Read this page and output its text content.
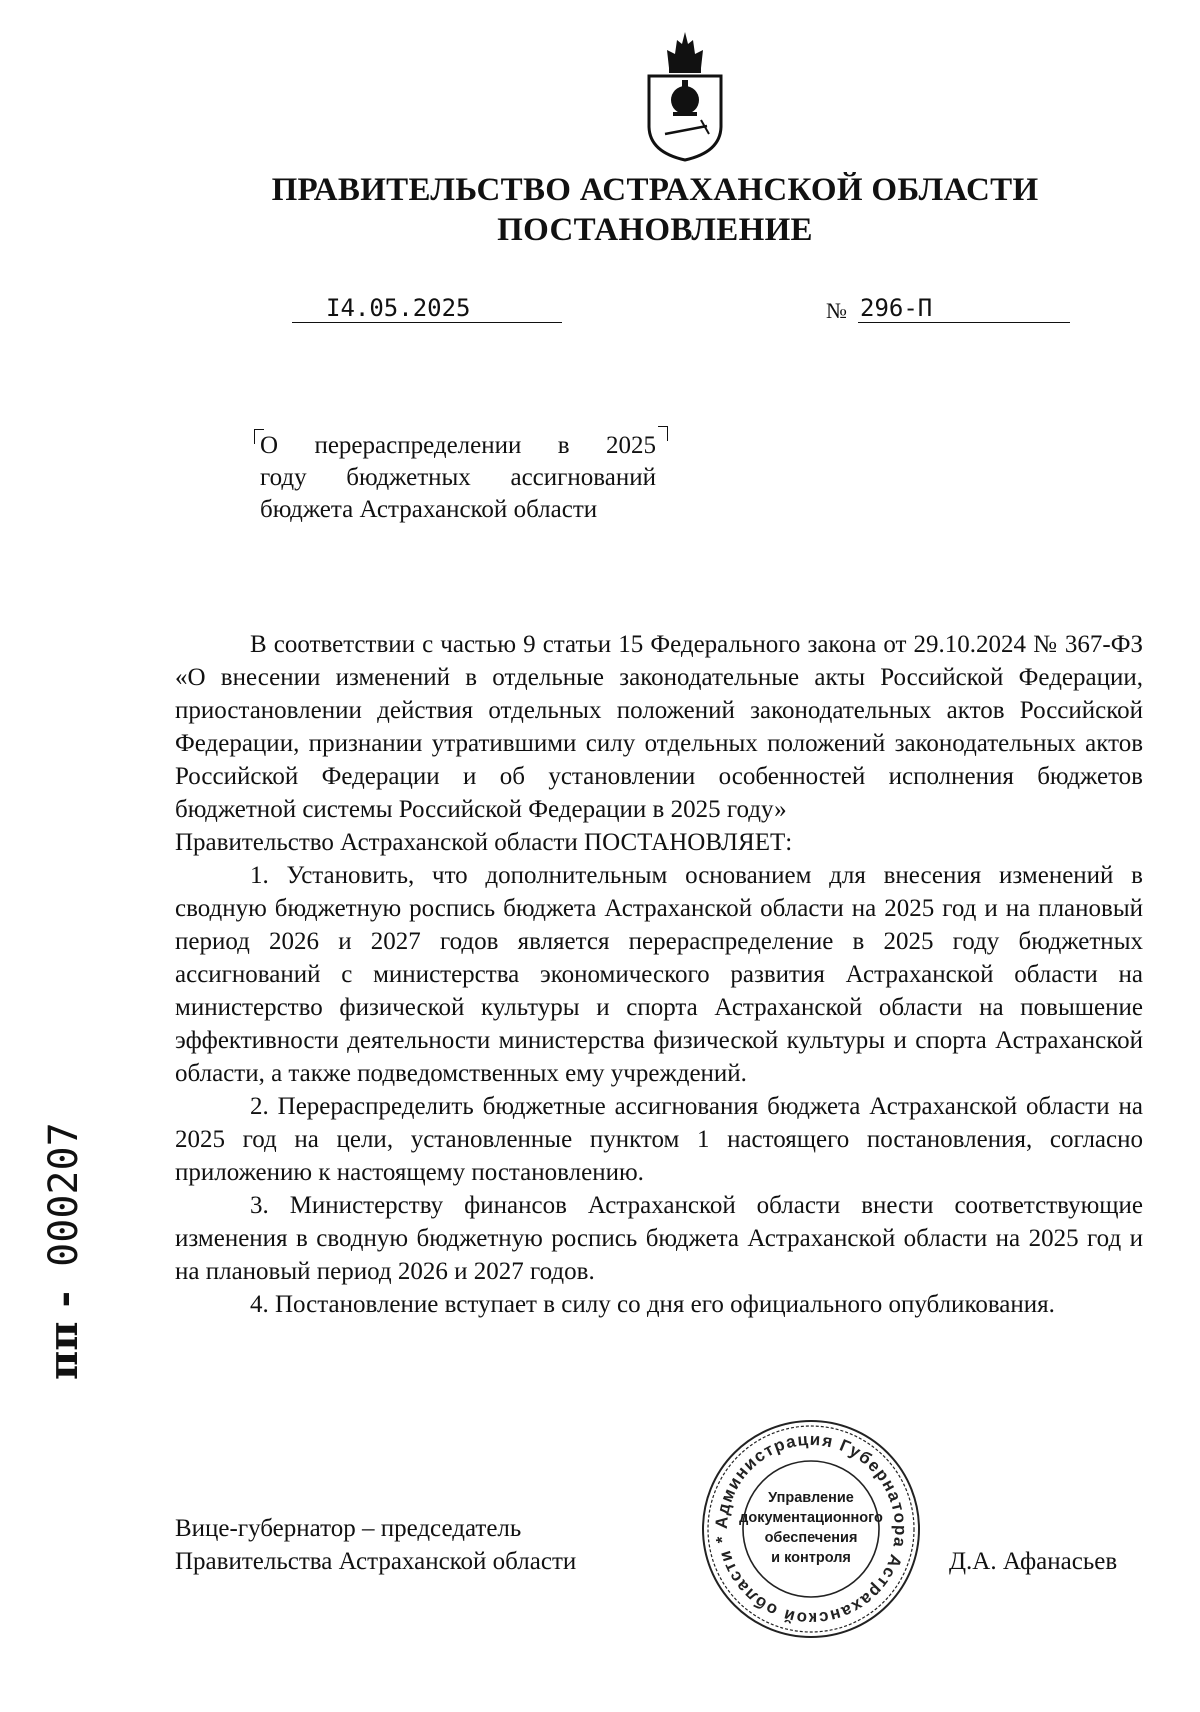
ПРАВИТЕЛЬСТВО АСТРАХАНСКОЙ ОБЛАСТИ
ПОСТАНОВЛЕНИЕ
I4.05.2025	№ 296-П
О перераспределении в 2025
году бюджетных ассигнований
бюджета Астраханской области

В соответствии с частью 9 статьи 15 Федерального закона от 29.10.2024 № 367-ФЗ «О внесении изменений в отдельные законодательные акты Российской Федерации, приостановлении действия отдельных положений законодательных актов Российской Федерации, признании утратившими силу отдельных положений законодательных актов Российской Федерации и об установлении особенностей исполнения бюджетов бюджетной системы Российской Федерации в 2025 году»

Правительство Астраханской области ПОСТАНОВЛЯЕТ:

1. Установить, что дополнительным основанием для внесения изменений в сводную бюджетную роспись бюджета Астраханской области на 2025 год и на плановый период 2026 и 2027 годов является перераспределение в 2025 году бюджетных ассигнований с министерства экономического развития Астраханской области на министерство физической культуры и спорта Астраханской области на повышение эффективности деятельности министерства физической культуры и спорта Астраханской области, а также подведомственных ему учреждений.

2. Перераспределить бюджетные ассигнования бюджета Астраханской области на 2025 год на цели, установленные пунктом 1 настоящего постановления, согласно приложению к настоящему постановлению.

3. Министерству финансов Астраханской области внести соответствующие изменения в сводную бюджетную роспись бюджета Астраханской области на 2025 год и на плановый период 2026 и 2027 годов.

4. Постановление вступает в силу со дня его официального опубликования.

Вице-губернатор – председатель
Правительства Астраханской области	Д.А. Афанасьев
Администрация Губернатора Астраханской области *
Управление
документационного
обеспечения
и контроля
пп - 000207
